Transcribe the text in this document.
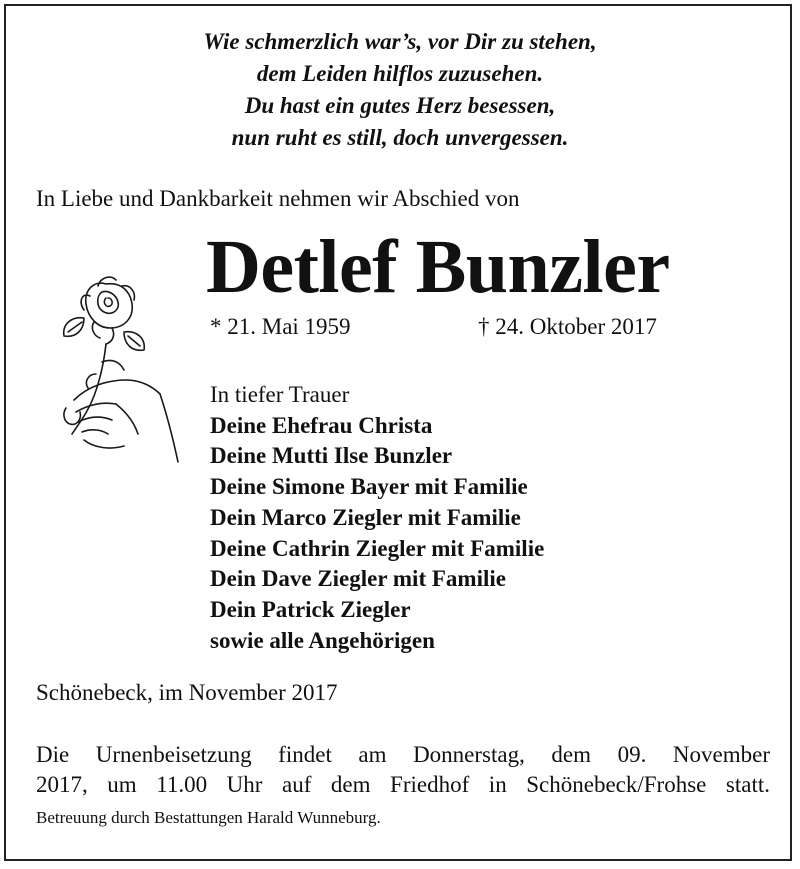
Wie schmerzlich war’s, vor Dir zu stehen,
dem Leiden hilflos zuzusehen.
Du hast ein gutes Herz besessen,
nun ruht es still, doch unvergessen.
In Liebe und Dankbarkeit nehmen wir Abschied von
Detlef Bunzler
* 21. Mai 1959	† 24. Oktober 2017
In tiefer Trauer
Deine Ehefrau Christa
Deine Mutti Ilse Bunzler
Deine Simone Bayer mit Familie
Dein Marco Ziegler mit Familie
Deine Cathrin Ziegler mit Familie
Dein Dave Ziegler mit Familie
Dein Patrick Ziegler
sowie alle Angehörigen
Schönebeck, im November 2017
Die Urnenbeisetzung findet am Donnerstag, dem 09. November
2017, um 11.00 Uhr auf dem Friedhof in Schönebeck/Frohse statt.
Betreuung durch Bestattungen Harald Wunneburg.
